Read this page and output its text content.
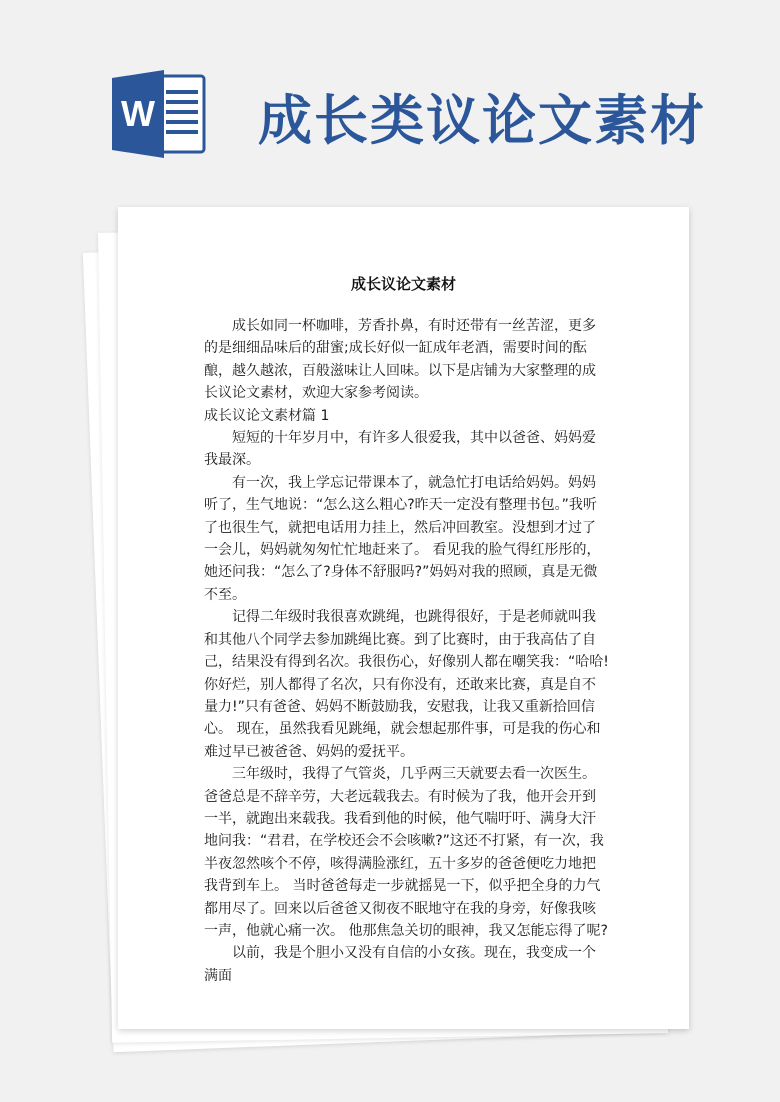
W 成长类议论文素材
成长议论文素材

成长如同一杯咖啡，芳香扑鼻，有时还带有一丝苦涩，更多的是细细品味后的甜蜜;成长好似一缸成年老酒，需要时间的酝酿，越久越浓，百般滋味让人回味。以下是店铺为大家整理的成长议论文素材，欢迎大家参考阅读。

成长议论文素材篇 1

短短的十年岁月中，有许多人很爱我，其中以爸爸、妈妈爱我最深。

有一次，我上学忘记带课本了，就急忙打电话给妈妈。妈妈听了，生气地说：“怎么这么粗心?昨天一定没有整理书包。”我听了也很生气，就把电话用力挂上，然后冲回教室。没想到才过了一会儿，妈妈就匆匆忙忙地赶来了。 看见我的脸气得红彤彤的，她还问我：“怎么了?身体不舒服吗?”妈妈对我的照顾，真是无微不至。

记得二年级时我很喜欢跳绳，也跳得很好，于是老师就叫我和其他八个同学去参加跳绳比赛。到了比赛时，由于我高估了自己，结果没有得到名次。我很伤心，好像别人都在嘲笑我：“哈哈!你好烂，别人都得了名次，只有你没有，还敢来比赛，真是自不量力!”只有爸爸、妈妈不断鼓励我，安慰我，让我又重新拾回信心。 现在，虽然我看见跳绳，就会想起那件事，可是我的伤心和难过早已被爸爸、妈妈的爱抚平。

三年级时，我得了气管炎，几乎两三天就要去看一次医生。爸爸总是不辞辛劳，大老远载我去。有时候为了我，他开会开到一半，就跑出来载我。我看到他的时候，他气喘吁吁、满身大汗地问我：“君君，在学校还会不会咳嗽?”这还不打紧，有一次，我半夜忽然咳个不停，咳得满脸涨红，五十多岁的爸爸便吃力地把我背到车上。 当时爸爸每走一步就摇晃一下，似乎把全身的力气都用尽了。回来以后爸爸又彻夜不眠地守在我的身旁，好像我咳一声，他就心痛一次。 他那焦急关切的眼神，我又怎能忘得了呢?

以前，我是个胆小又没有自信的小女孩。现在，我变成一个满面
